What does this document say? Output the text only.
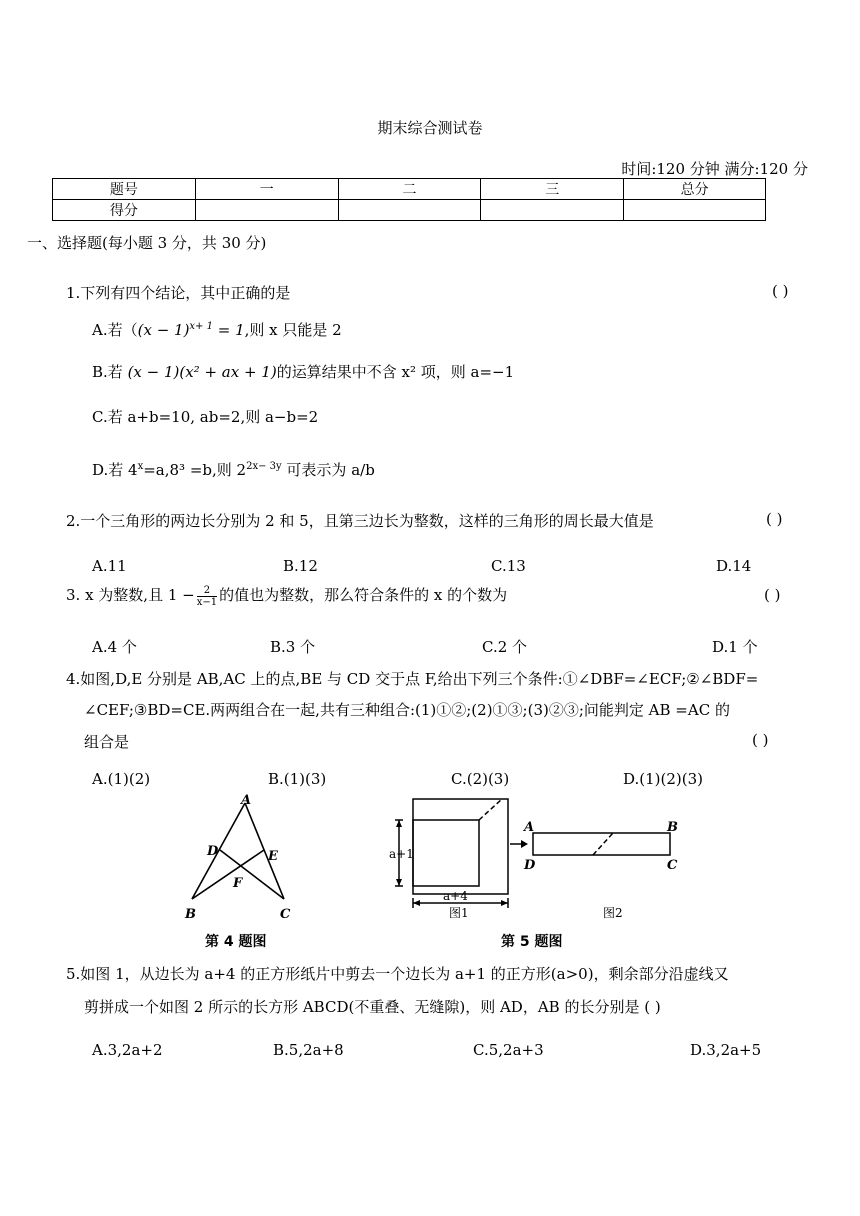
期末综合测试卷
时间:120 分钟 满分:120 分
题号	一	二	三	总分
得分				
一、选择题(每小题 3 分，共 30 分)
1.下列有四个结论，其中正确的是	( )
A.若（$(x - 1)^{x+ 1} = 1$,则 x 只能是 2
B.若 (x − 1)(x² + ax + 1)的运算结果中不含 x² 项，则 a=−1
C.若 a+b=10, ab=2,则 a−b=2
D.若 $4^x=a,8^3 =b$,则 $2^{2x- 3y}$ 可表示为 a/b
2.一个三角形的两边长分别为 2 和 5，且第三边长为整数，这样的三角形的周长最大值是	( )
A.11	B.12	C.13	D.14
3. x 为整数,且 $1 - \frac{2}{x-1}$ 的值也为整数，那么符合条件的 x 的个数为	( )
A.4 个	B.3 个	C.2 个	D.1 个
4.如图,D,E 分别是 AB,AC 上的点,BE 与 CD 交于点 F,给出下列三个条件:①∠DBF=∠ECF;②∠BDF=
∠CEF;③BD=CE.两两组合在一起,共有三种组合:(1)①②;(2)①③;(3)②③;问能判定 AB =AC 的
组合是	( )
A.(1)(2)	B.(1)(3)	C.(2)(3)	D.(1)(2)(3)
A
B	C
D	E
F
第 4 题图
a+1
a+4
图1	图2
A	B
C
D
第 5 题图
5.如图 1，从边长为 a+4 的正方形纸片中剪去一个边长为 a+1 的正方形(a>0)，剩余部分沿虚线又
剪拼成一个如图 2 所示的长方形 ABCD(不重叠、无缝隙)，则 AD，AB 的长分别是 ( )
A.3,2a+2	B.5,2a+8	C.5,2a+3	D.3,2a+5
